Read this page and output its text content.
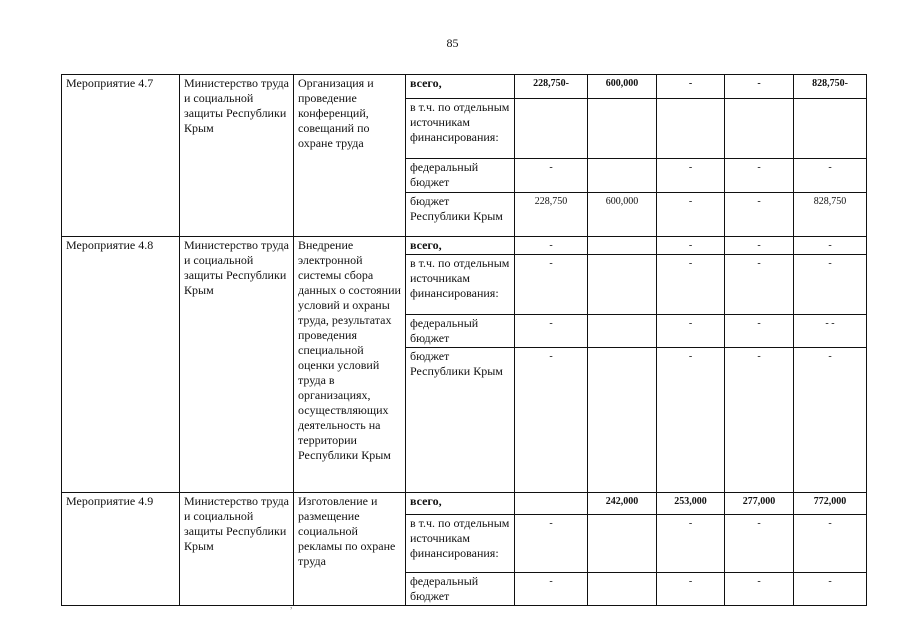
85
Мероприятие 4.7	Министерство труда и социальной защиты Республики Крым	Организация и проведение конференций, совещаний по охране труда	всего,	228,750-	600,000	-	-	828,750-
			в т.ч. по отдельным источникам финансирования:					
			федеральный бюджет	-		-	-	-
			бюджет Республики Крым	228,750	600,000	-	-	828,750
Мероприятие 4.8	Министерство труда и социальной защиты Республики Крым	Внедрение электронной системы сбора данных о состоянии условий и охраны труда, результатах проведения специальной оценки условий труда в организациях, осуществляющих деятельность на территории Республики Крым	всего,	-		-	-	-
			в т.ч. по отдельным источникам финансирования:	-		-	-	-
			федеральный бюджет	-		-	-	- -
			бюджет Республики Крым	-		-	-	-
Мероприятие 4.9	Министерство труда и социальной защиты Республики Крым	Изготовление и размещение социальной рекламы по охране труда	всего,		242,000	253,000	277,000	772,000
			в т.ч. по отдельным источникам финансирования:	-		-	-	-
			федеральный бюджет	-		-	-	-
,
